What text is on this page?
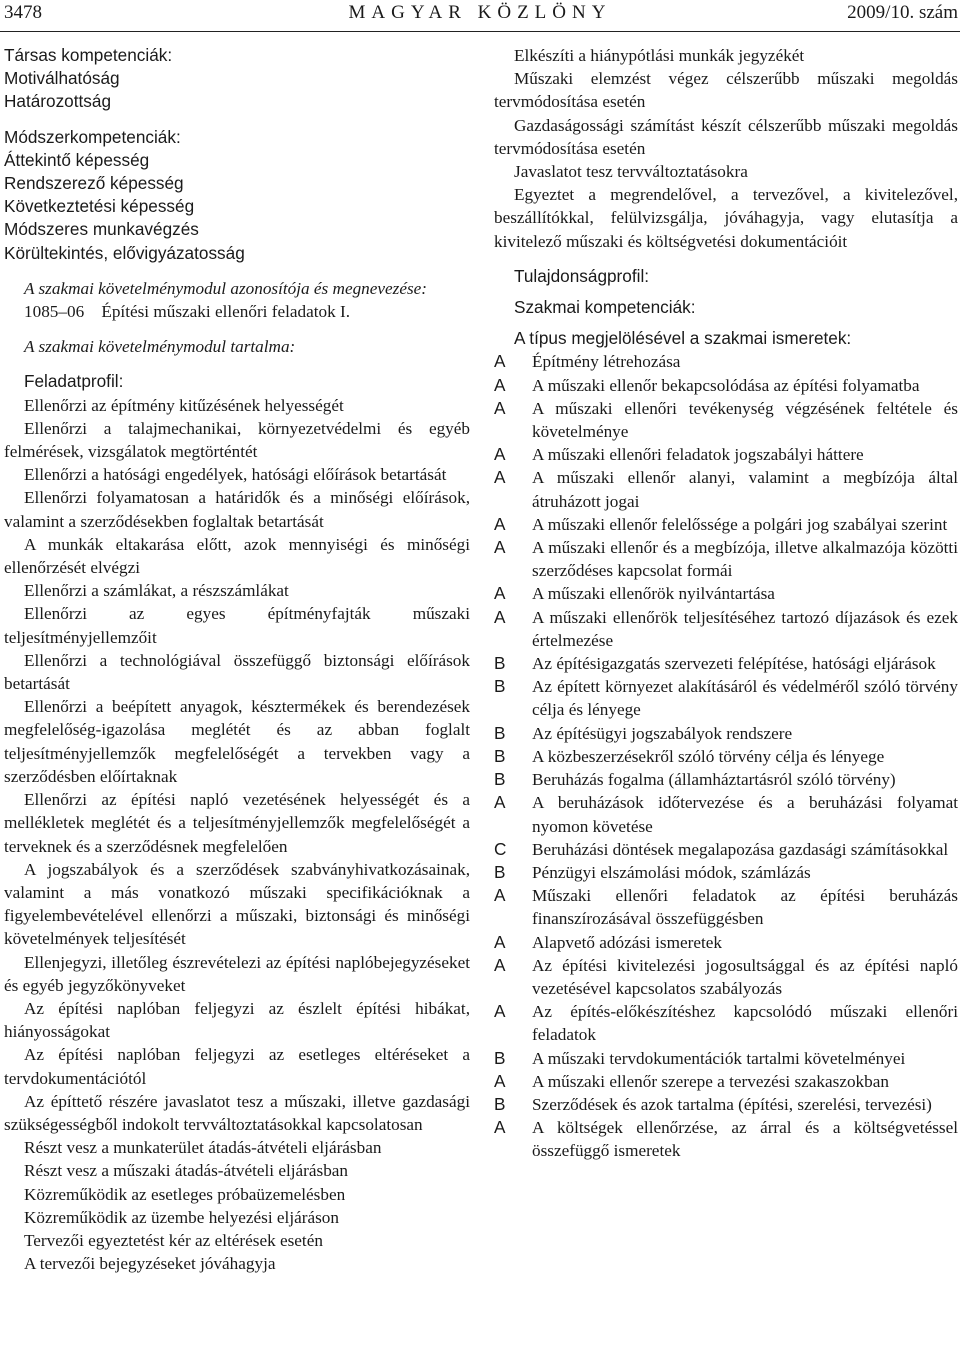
3478	MAGYAR KÖZLÖNY	2009/10. szám

Társas kompetenciák:

Motiválhatóság

Határozottság

Módszerkompetenciák:

Áttekintő képesség

Rendszerező képesség

Következtetési képesség

Módszeres munkavégzés

Körültekintés, elővigyázatosság

A szakmai követelménymodul azonosítója és megnevezése:

1085–06    Építési műszaki ellenőri feladatok I.

A szakmai követelménymodul tartalma:

Feladatprofil:

Ellenőrzi az építmény kitűzésének helyességét

Ellenőrzi a talajmechanikai, környezetvédelmi és egyéb felmérések, vizsgálatok megtörténtét

Ellenőrzi a hatósági engedélyek, hatósági előírások betartását

Ellenőrzi folyamatosan a határidők és a minőségi előírások, valamint a szerződésekben foglaltak betartását

A munkák eltakarása előtt, azok mennyiségi és minőségi ellenőrzését elvégzi

Ellenőrzi a számlákat, a részszámlákat

Ellenőrzi az egyes építményfajták műszaki teljesítményjellemzőit

Ellenőrzi a technológiával összefüggő biztonsági előírások betartását

Ellenőrzi a beépített anyagok, késztermékek és berendezések megfelelőség-igazolása meglétét és az abban foglalt teljesítményjellemzők megfelelőségét a tervekben vagy a szerződésben előírtaknak

Ellenőrzi az építési napló vezetésének helyességét és a mellékletek meglétét és a teljesítményjellemzők megfelelőségét a terveknek és a szerződésnek megfelelően

A jogszabályok és a szerződések szabványhivatkozásainak, valamint a más vonatkozó műszaki specifikációknak a figyelembevételével ellenőrzi a műszaki, biztonsági és minőségi követelmények teljesítését

Ellenjegyzi, illetőleg észrevételezi az építési naplóbejegyzéseket és egyéb jegyzőkönyveket

Az építési naplóban feljegyzi az észlelt építési hibákat, hiányosságokat

Az építési naplóban feljegyzi az esetleges eltéréseket a tervdokumentációtól

Az építtető részére javaslatot tesz a műszaki, illetve gazdasági szükségességből indokolt tervváltoztatásokkal kapcsolatosan

Részt vesz a munkaterület átadás-átvételi eljárásban

Részt vesz a műszaki átadás-átvételi eljárásban

Közreműködik az esetleges próbaüzemelésben

Közreműködik az üzembe helyezési eljáráson

Tervezői egyeztetést kér az eltérések esetén

A tervezői bejegyzéseket jóváhagyja

Elkészíti a hiánypótlási munkák jegyzékét

Műszaki elemzést végez célszerűbb műszaki megoldás tervmódosítása esetén

Gazdaságossági számítást készít célszerűbb műszaki megoldás tervmódosítása esetén

Javaslatot tesz tervváltoztatásokra

Egyeztet a megrendelővel, a tervezővel, a kivitelezővel, beszállítókkal, felülvizsgálja, jóváhagyja, vagy elutasítja a kivitelező műszaki és költségvetési dokumentációit

Tulajdonságprofil:

Szakmai kompetenciák:

A típus megjelölésével a szakmai ismeretek:

A	Építmény létrehozása
A	A műszaki ellenőr bekapcsolódása az építési folyamatba
A	A műszaki ellenőri tevékenység végzésének feltétele és követelménye
A	A műszaki ellenőri feladatok jogszabályi háttere
A	A műszaki ellenőr alanyi, valamint a megbízója által átruházott jogai
A	A műszaki ellenőr felelőssége a polgári jog szabályai szerint
A	A műszaki ellenőr és a megbízója, illetve alkalmazója közötti szerződéses kapcsolat formái
A	A műszaki ellenőrök nyilvántartása
A	A műszaki ellenőrök teljesítéséhez tartozó díjazások és ezek értelmezése
B	Az építésigazgatás szervezeti felépítése, hatósági eljárások
B	Az épített környezet alakításáról és védelméről szóló törvény célja és lényege
B	Az építésügyi jogszabályok rendszere
B	A közbeszerzésekről szóló törvény célja és lényege
B	Beruházás fogalma (államháztartásról szóló törvény)
A	A beruházások időtervezése és a beruházási folyamat nyomon követése
C	Beruházási döntések megalapozása gazdasági számításokkal
B	Pénzügyi elszámolási módok, számlázás
A	Műszaki ellenőri feladatok az építési beruházás finanszírozásával összefüggésben
A	Alapvető adózási ismeretek
A	Az építési kivitelezési jogosultsággal és az építési napló vezetésével kapcsolatos szabályozás
A	Az építés-előkészítéshez kapcsolódó műszaki ellenőri feladatok
B	A műszaki tervdokumentációk tartalmi követelményei
A	A műszaki ellenőr szerepe a tervezési szakaszokban
B	Szerződések és azok tartalma (építési, szerelési, tervezési)
A	A költségek ellenőrzése, az árral és a költségvetéssel összefüggő ismeretek
